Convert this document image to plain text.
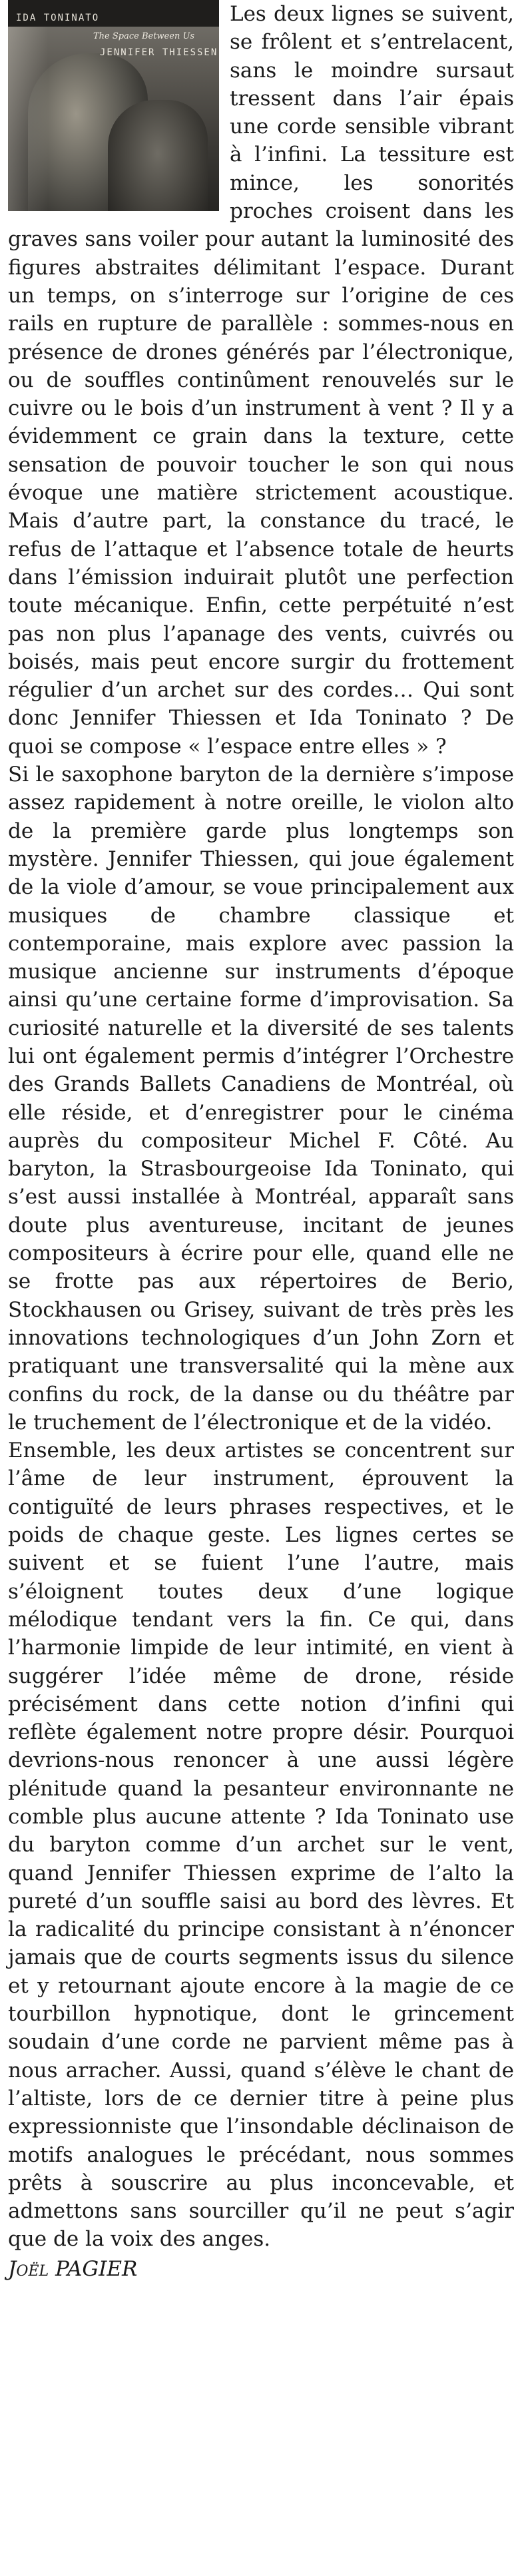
IDA TONINATO
The Space Between Us
JENNIFER THIESSEN

Les deux lignes se suivent, se frôlent et s’entrelacent, sans le moindre sursaut tressent dans l’air épais une corde sensible vibrant à l’infini. La tessiture est mince, les sonorités proches croisent dans les graves sans voiler pour autant la luminosité des figures abstraites délimitant l’espace. Durant un temps, on s’interroge sur l’origine de ces rails en rupture de parallèle : sommes-nous en présence de drones générés par l’électronique, ou de souffles continûment renouvelés sur le cuivre ou le bois d’un instrument à vent ? Il y a évidemment ce grain dans la texture, cette sensation de pouvoir toucher le son qui nous évoque une matière strictement acoustique. Mais d’autre part, la constance du tracé, le refus de l’attaque et l’absence totale de heurts dans l’émission induirait plutôt une perfection toute mécanique. Enfin, cette perpétuité n’est pas non plus l’apanage des vents, cuivrés ou boisés, mais peut encore surgir du frottement régulier d’un archet sur des cordes… Qui sont donc Jennifer Thiessen et Ida Toninato ? De quoi se compose « l’espace entre elles » ?

Si le saxophone baryton de la dernière s’impose assez rapidement à notre oreille, le violon alto de la première garde plus longtemps son mystère. Jennifer Thiessen, qui joue également de la viole d’amour, se voue principalement aux musiques de chambre classique et contemporaine, mais explore avec passion la musique ancienne sur instruments d’époque ainsi qu’une certaine forme d’improvisation. Sa curiosité naturelle et la diversité de ses talents lui ont également permis d’intégrer l’Orchestre des Grands Ballets Canadiens de Montréal, où elle réside, et d’enregistrer pour le cinéma auprès du compositeur Michel F. Côté. Au baryton, la Strasbourgeoise Ida Toninato, qui s’est aussi installée à Montréal, apparaît sans doute plus aventureuse, incitant de jeunes compositeurs à écrire pour elle, quand elle ne se frotte pas aux répertoires de Berio, Stockhausen ou Grisey, suivant de très près les innovations technologiques d’un John Zorn et pratiquant une transversalité qui la mène aux confins du rock, de la danse ou du théâtre par le truchement de l’électronique et de la vidéo.

Ensemble, les deux artistes se concentrent sur l’âme de leur instrument, éprouvent la contiguïté de leurs phrases respectives, et le poids de chaque geste. Les lignes certes se suivent et se fuient l’une l’autre, mais s’éloignent toutes deux d’une logique mélodique tendant vers la fin. Ce qui, dans l’harmonie limpide de leur intimité, en vient à suggérer l’idée même de drone, réside précisément dans cette notion d’infini qui reflète également notre propre désir. Pourquoi devrions-nous renoncer à une aussi légère plénitude quand la pesanteur environnante ne comble plus aucune attente ? Ida Toninato use du baryton comme d’un archet sur le vent, quand Jennifer Thiessen exprime de l’alto la pureté d’un souffle saisi au bord des lèvres. Et la radicalité du principe consistant à n’énoncer jamais que de courts segments issus du silence et y retournant ajoute encore à la magie de ce tourbillon hypnotique, dont le grincement soudain d’une corde ne parvient même pas à nous arracher. Aussi, quand s’élève le chant de l’altiste, lors de ce dernier titre à peine plus expressionniste que l’insondable déclinaison de motifs analogues le précédant, nous sommes prêts à souscrire au plus inconcevable, et admettons sans sourciller qu’il ne peut s’agir que de la voix des anges.

Joël PAGIER
